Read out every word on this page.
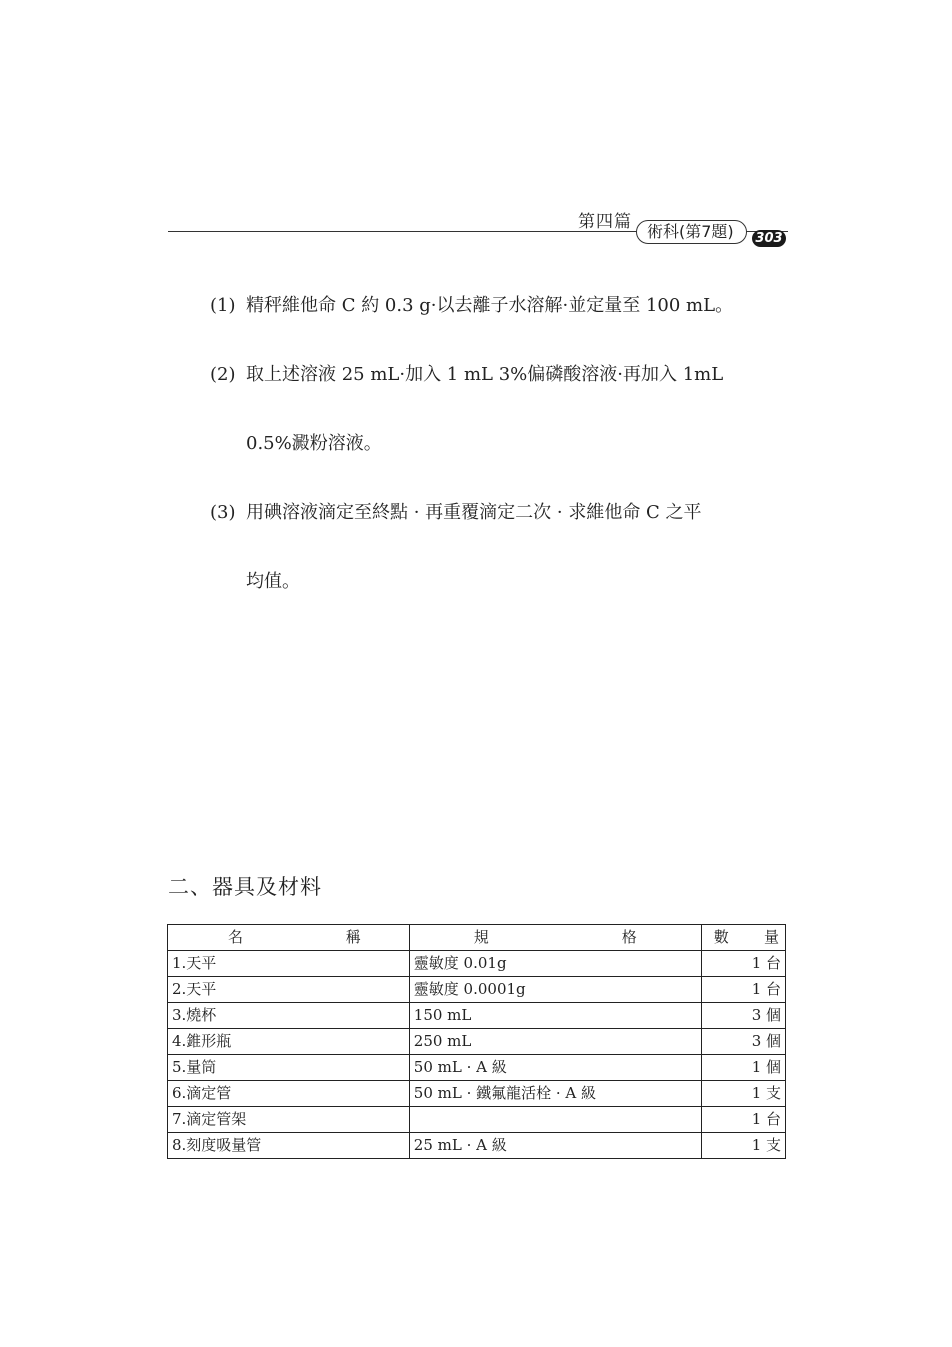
第四篇 術科(第7題)	303
(1) 精秤維他命 C 約 0.3 g·以去離子水溶解·並定量至 100 mL。
(2) 取上述溶液 25 mL·加入 1 mL 3%偏磷酸溶液·再加入 1mL
0.5%澱粉溶液。
(3) 用碘溶液滴定至終點 · 再重覆滴定二次 · 求維他命 C 之平
均值。
二、器具及材料
名 稱	規 格	數 量

1.天平	靈敏度 0.01g	1 台
2.天平	靈敏度 0.0001g	1 台
3.燒杯	150 mL	3 個
4.錐形瓶	250 mL	3 個
5.量筒	50 mL · A 級	1 個
6.滴定管	50 mL · 鐵氟龍活栓 · A 級	1 支
7.滴定管架		1 台
8.刻度吸量管	25 mL · A 級	1 支
